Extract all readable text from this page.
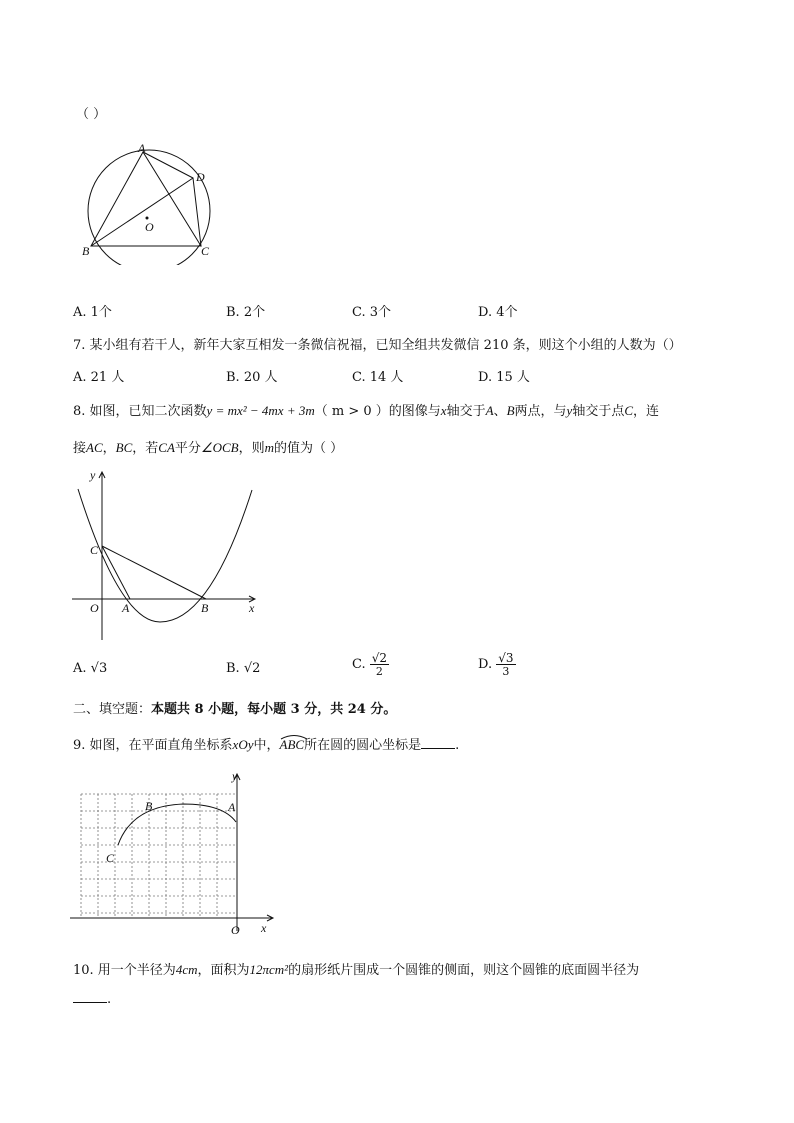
（ ）
A
D
O
B	C
A. 1个	B. 2个	C. 3个	D. 4个
7. 某小组有若干人，新年大家互相发一条微信祝福，已知全组共发微信 210 条，则这个小组的人数为（）
A. 21 人	B. 20 人	C. 14 人	D. 15 人
8. 如图，已知二次函数y = mx² − 4mx + 3m（ m > 0 ）的图像与x轴交于A、B两点，与y轴交于点C，连
接AC，BC，若CA平分∠OCB，则m的值为（ ）
y
C
O A	B	x
A. √3	B. √2	C. $\frac{√2}{2}$	D. $\frac{√3}{3}$
二、填空题：本题共 8 小题，每小题 3 分，共 24 分。
9. 如图，在平面直角坐标系xOy中，
ABC所在圆的圆心坐标是	.
y
B	A
C
O x
10. 用一个半径为4cm，面积为12πcm²的扇形纸片围成一个圆锥的侧面，则这个圆锥的底面圆半径为
.
